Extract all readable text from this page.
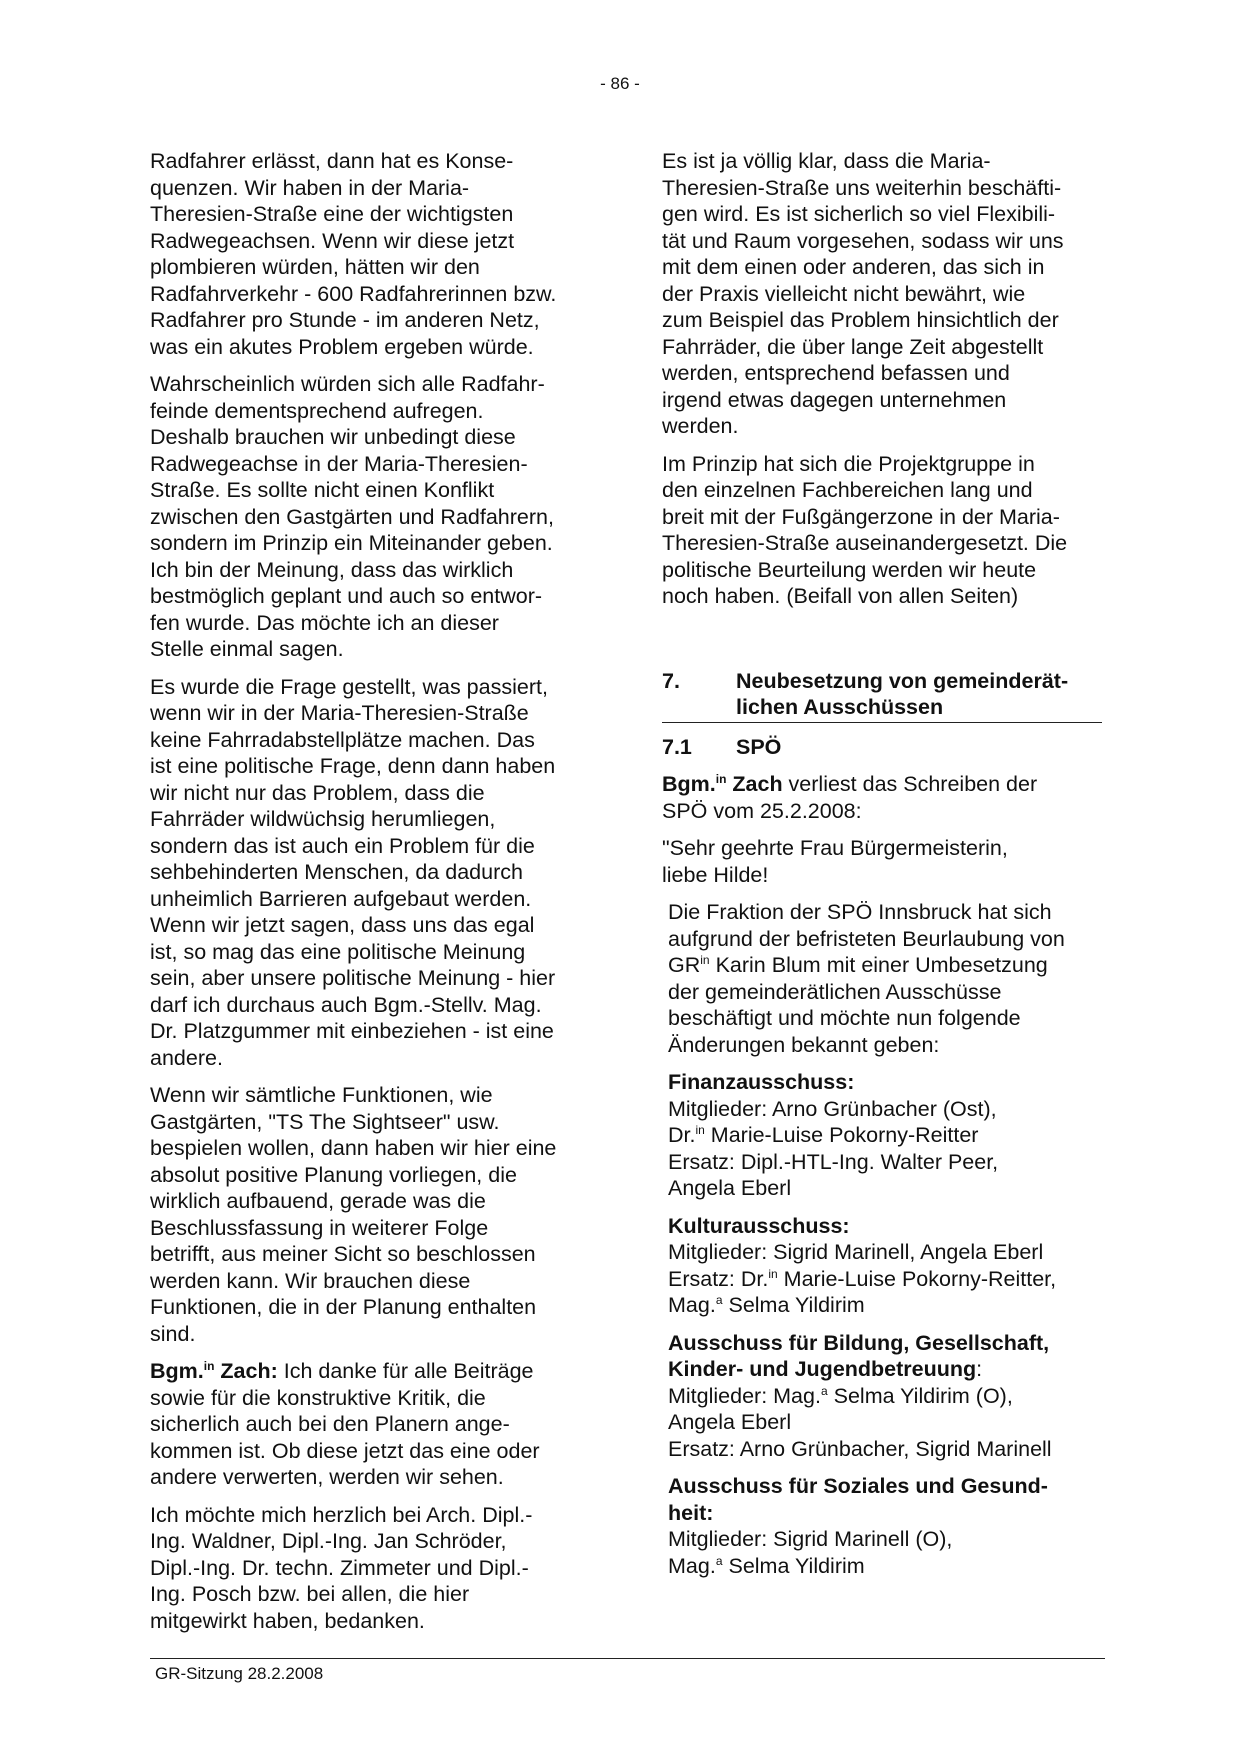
- 86 -

Radfahrer erlässt, dann hat es Konse-
quenzen. Wir haben in der Maria-
Theresien-Straße eine der wichtigsten
Radwegeachsen. Wenn wir diese jetzt
plombieren würden, hätten wir den
Radfahrverkehr - 600 Radfahrerinnen bzw.
Radfahrer pro Stunde - im anderen Netz,
was ein akutes Problem ergeben würde.

Wahrscheinlich würden sich alle Radfahr-
feinde dementsprechend aufregen.
Deshalb brauchen wir unbedingt diese
Radwegeachse in der Maria-Theresien-
Straße. Es sollte nicht einen Konflikt
zwischen den Gastgärten und Radfahrern,
sondern im Prinzip ein Miteinander geben.
Ich bin der Meinung, dass das wirklich
bestmöglich geplant und auch so entwor-
fen wurde. Das möchte ich an dieser
Stelle einmal sagen.

Es wurde die Frage gestellt, was passiert,
wenn wir in der Maria-Theresien-Straße
keine Fahrradabstellplätze machen. Das
ist eine politische Frage, denn dann haben
wir nicht nur das Problem, dass die
Fahrräder wildwüchsig herumliegen,
sondern das ist auch ein Problem für die
sehbehinderten Menschen, da dadurch
unheimlich Barrieren aufgebaut werden.
Wenn wir jetzt sagen, dass uns das egal
ist, so mag das eine politische Meinung
sein, aber unsere politische Meinung - hier
darf ich durchaus auch Bgm.-Stellv. Mag.
Dr. Platzgummer mit einbeziehen - ist eine
andere.

Wenn wir sämtliche Funktionen, wie
Gastgärten, "TS The Sightseer" usw.
bespielen wollen, dann haben wir hier eine
absolut positive Planung vorliegen, die
wirklich aufbauend, gerade was die
Beschlussfassung in weiterer Folge
betrifft, aus meiner Sicht so beschlossen
werden kann. Wir brauchen diese
Funktionen, die in der Planung enthalten
sind.

Bgm.$^{in}$ Zach: Ich danke für alle Beiträge
sowie für die konstruktive Kritik, die
sicherlich auch bei den Planern ange-
kommen ist. Ob diese jetzt das eine oder
andere verwerten, werden wir sehen.

Ich möchte mich herzlich bei Arch. Dipl.-
Ing. Waldner, Dipl.-Ing. Jan Schröder,
Dipl.-Ing. Dr. techn. Zimmeter und Dipl.-
Ing. Posch bzw. bei allen, die hier
mitgewirkt haben, bedanken.

Es ist ja völlig klar, dass die Maria-
Theresien-Straße uns weiterhin beschäfti-
gen wird. Es ist sicherlich so viel Flexibili-
tät und Raum vorgesehen, sodass wir uns
mit dem einen oder anderen, das sich in
der Praxis vielleicht nicht bewährt, wie
zum Beispiel das Problem hinsichtlich der
Fahrräder, die über lange Zeit abgestellt
werden, entsprechend befassen und
irgend etwas dagegen unternehmen
werden.

Im Prinzip hat sich die Projektgruppe in
den einzelnen Fachbereichen lang und
breit mit der Fußgängerzone in der Maria-
Theresien-Straße auseinandergesetzt. Die
politische Beurteilung werden wir heute
noch haben. (Beifall von allen Seiten)

7.	Neubesetzung von gemeinderät-
lichen Ausschüssen
7.1	SPÖ

Bgm.$^{in}$ Zach verliest das Schreiben der
SPÖ vom 25.2.2008:

"Sehr geehrte Frau Bürgermeisterin,
liebe Hilde!

Die Fraktion der SPÖ Innsbruck hat sich
aufgrund der befristeten Beurlaubung von
$GR^{in}$ Karin Blum mit einer Umbesetzung
der gemeinderätlichen Ausschüsse
beschäftigt und möchte nun folgende
Änderungen bekannt geben:

Finanzausschuss:
Mitglieder: Arno Grünbacher (Ost),
Dr.$^{in}$ Marie-Luise Pokorny-Reitter
Ersatz: Dipl.-HTL-Ing. Walter Peer,
Angela Eberl
Kulturausschuss:
Mitglieder: Sigrid Marinell, Angela Eberl
Ersatz: Dr.$^{in}$ Marie-Luise Pokorny-Reitter,
Mag.$^a$ Selma Yildirim
Ausschuss für Bildung, Gesellschaft,
Kinder- und Jugendbetreuung:
Mitglieder: Mag.$^a$ Selma Yildirim (O),
Angela Eberl
Ersatz: Arno Grünbacher, Sigrid Marinell
Ausschuss für Soziales und Gesund-
heit:
Mitglieder: Sigrid Marinell (O),
Mag.$^a$ Selma Yildirim
GR-Sitzung 28.2.2008
